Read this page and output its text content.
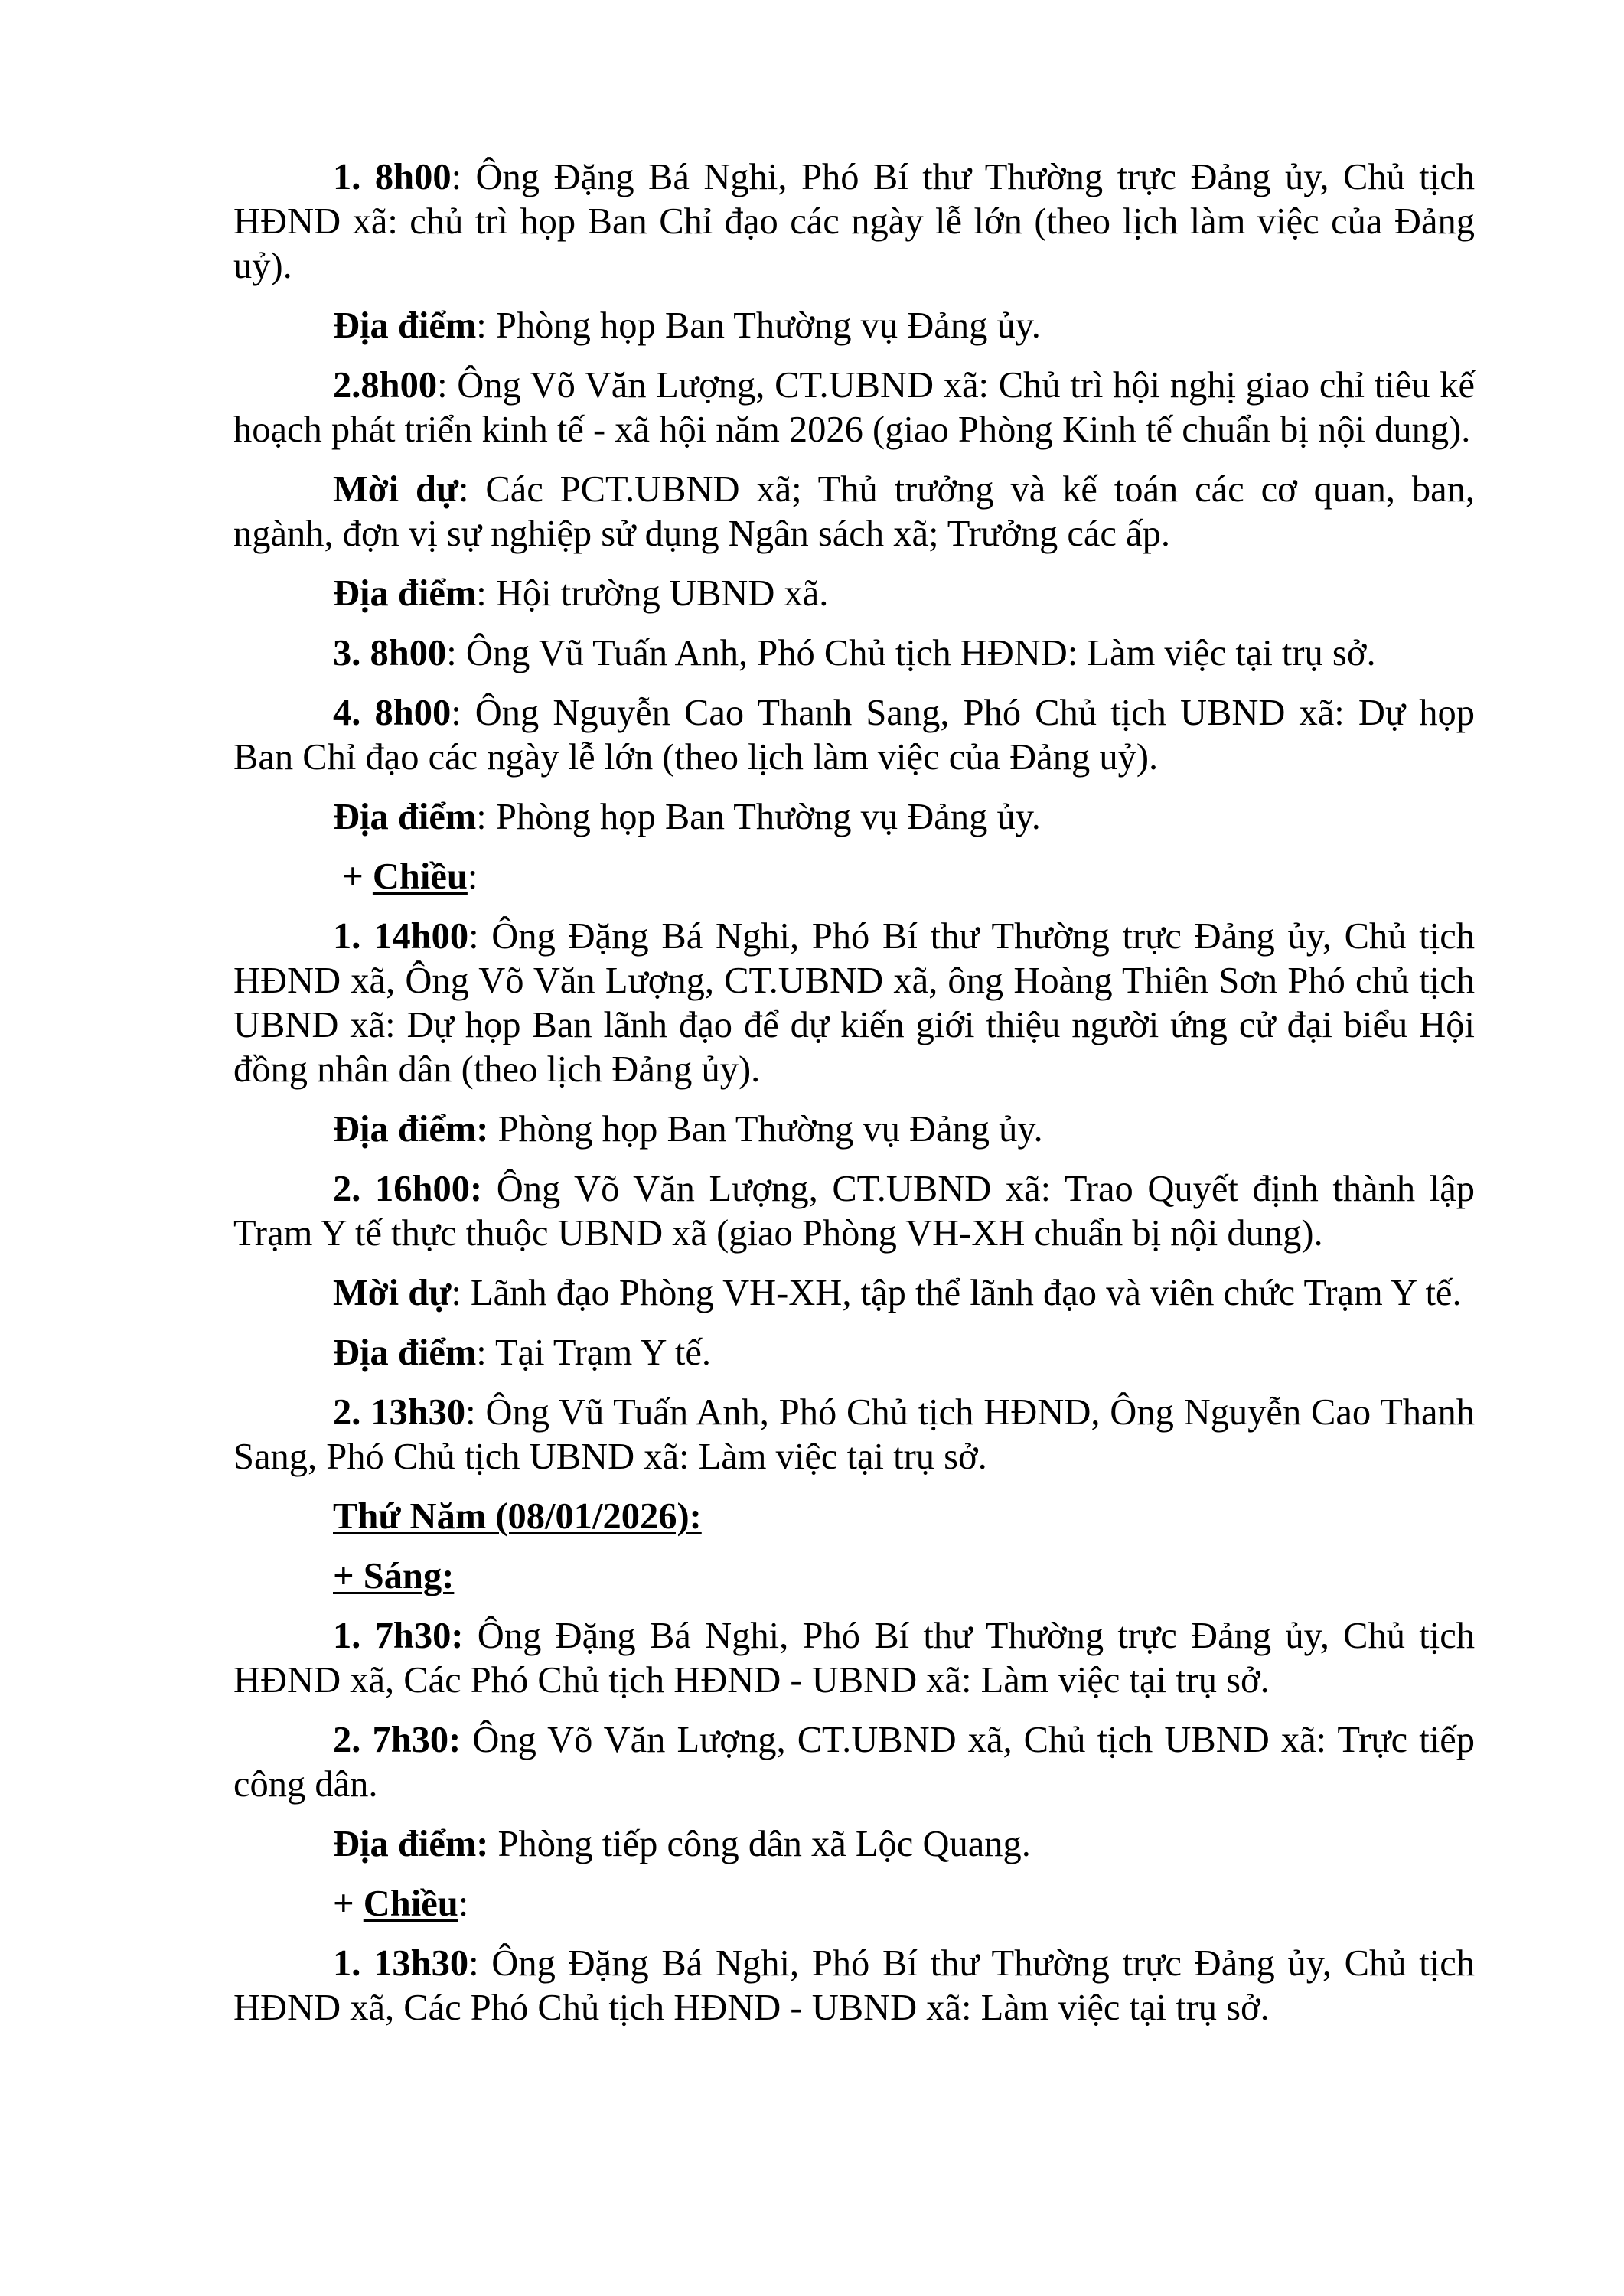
1. 8h00: Ông Đặng Bá Nghi, Phó Bí thư Thường trực Đảng ủy, Chủ tịch HĐND xã: chủ trì họp Ban Chỉ đạo các ngày lễ lớn (theo lịch làm việc của Đảng uỷ).

Địa điểm: Phòng họp Ban Thường vụ Đảng ủy.

2.8h00: Ông Võ Văn Lượng, CT.UBND xã: Chủ trì hội nghị giao chỉ tiêu kế hoạch phát triển kinh tế - xã hội năm 2026 (giao Phòng Kinh tế chuẩn bị nội dung).

Mời dự: Các PCT.UBND xã; Thủ trưởng và kế toán các cơ quan, ban, ngành, đợn vị sự nghiệp sử dụng Ngân sách xã; Trưởng các ấp.

Địa điểm: Hội trường UBND xã.

3. 8h00: Ông Vũ Tuấn Anh, Phó Chủ tịch HĐND: Làm việc tại trụ sở.

4. 8h00: Ông Nguyễn Cao Thanh Sang, Phó Chủ tịch UBND xã: Dự họp Ban Chỉ đạo các ngày lễ lớn (theo lịch làm việc của Đảng uỷ).

Địa điểm: Phòng họp Ban Thường vụ Đảng ủy.

+ Chiều:

1. 14h00: Ông Đặng Bá Nghi, Phó Bí thư Thường trực Đảng ủy, Chủ tịch HĐND xã, Ông Võ Văn Lượng, CT.UBND xã, ông Hoàng Thiên Sơn Phó chủ tịch UBND xã: Dự họp Ban lãnh đạo để dự kiến giới thiệu người ứng cử đại biểu Hội đồng nhân dân (theo lịch Đảng ủy).

Địa điểm: Phòng họp Ban Thường vụ Đảng ủy.

2. 16h00: Ông Võ Văn Lượng, CT.UBND xã: Trao Quyết định thành lập Trạm Y tế thực thuộc UBND xã (giao Phòng VH-XH chuẩn bị nội dung).

Mời dự: Lãnh đạo Phòng VH-XH, tập thể lãnh đạo và viên chức Trạm Y tế.

Địa điểm: Tại Trạm Y tế.

2. 13h30: Ông Vũ Tuấn Anh, Phó Chủ tịch HĐND, Ông Nguyễn Cao Thanh Sang, Phó Chủ tịch UBND xã: Làm việc tại trụ sở.

Thứ Năm (08/01/2026):

+ Sáng:

1. 7h30: Ông Đặng Bá Nghi, Phó Bí thư Thường trực Đảng ủy, Chủ tịch HĐND xã, Các Phó Chủ tịch HĐND - UBND xã: Làm việc tại trụ sở.

2. 7h30: Ông Võ Văn Lượng, CT.UBND xã, Chủ tịch UBND xã: Trực tiếp công dân.

Địa điểm: Phòng tiếp công dân xã Lộc Quang.

+ Chiều:

1. 13h30: Ông Đặng Bá Nghi, Phó Bí thư Thường trực Đảng ủy, Chủ tịch HĐND xã, Các Phó Chủ tịch HĐND - UBND xã: Làm việc tại trụ sở.
